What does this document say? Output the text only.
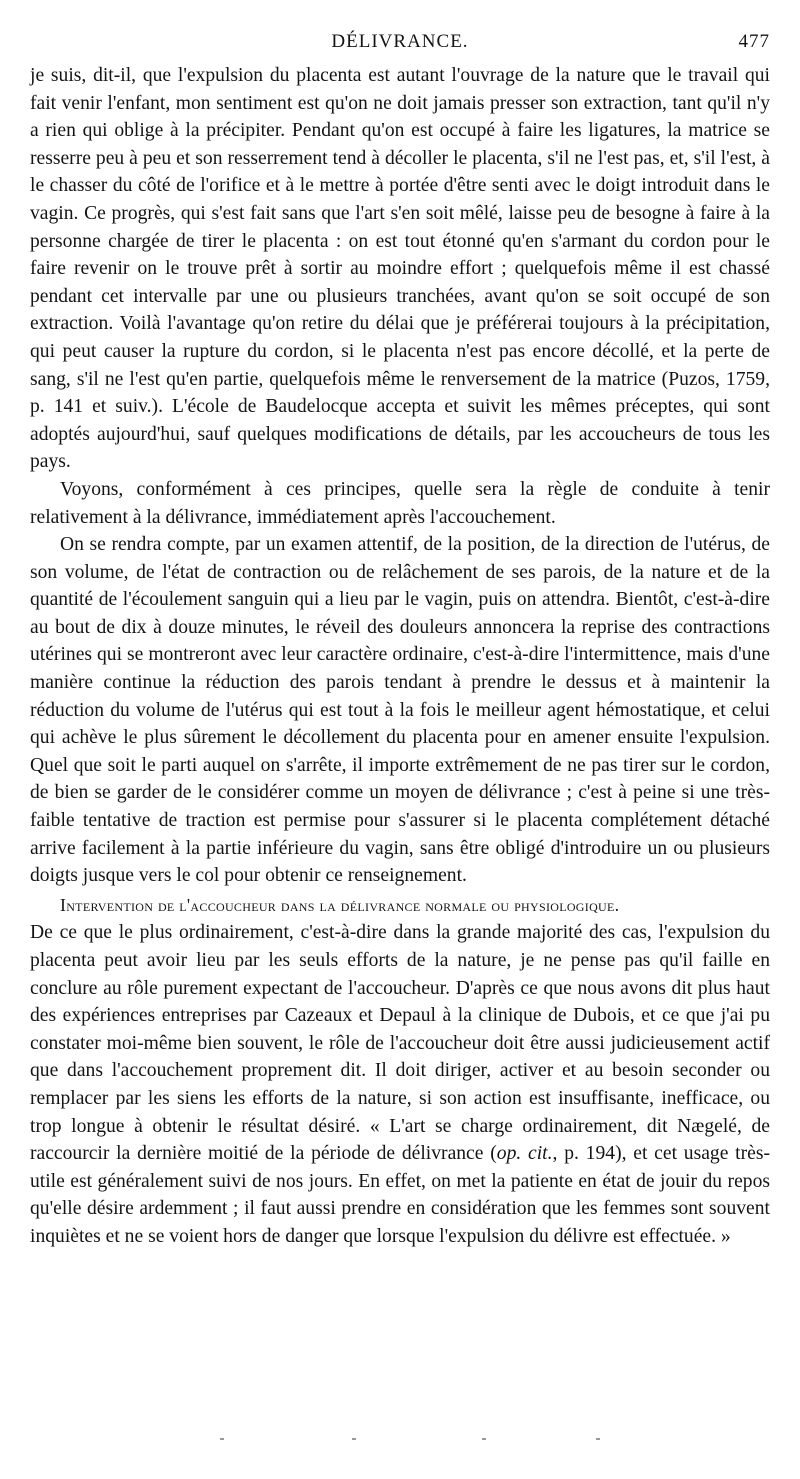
DÉLIVRANCE.	477

je suis, dit-il, que l'expulsion du placenta est autant l'ouvrage de la nature que le travail qui fait venir l'enfant, mon sentiment est qu'on ne doit jamais presser son extraction, tant qu'il n'y a rien qui oblige à la précipiter. Pendant qu'on est occupé à faire les ligatures, la matrice se resserre peu à peu et son resserrement tend à décoller le placenta, s'il ne l'est pas, et, s'il l'est, à le chasser du côté de l'orifice et à le mettre à portée d'être senti avec le doigt introduit dans le vagin. Ce progrès, qui s'est fait sans que l'art s'en soit mêlé, laisse peu de besogne à faire à la personne chargée de tirer le placenta : on est tout étonné qu'en s'armant du cordon pour le faire revenir on le trouve prêt à sortir au moindre effort ; quelquefois même il est chassé pendant cet intervalle par une ou plusieurs tranchées, avant qu'on se soit occupé de son extraction. Voilà l'avantage qu'on retire du délai que je préférerai toujours à la précipitation, qui peut causer la rupture du cordon, si le placenta n'est pas encore décollé, et la perte de sang, s'il ne l'est qu'en partie, quelquefois même le renversement de la matrice (Puzos, 1759, p. 141 et suiv.). L'école de Baudelocque accepta et suivit les mêmes préceptes, qui sont adoptés aujourd'hui, sauf quelques modifications de détails, par les accoucheurs de tous les pays.

Voyons, conformément à ces principes, quelle sera la règle de conduite à tenir relativement à la délivrance, immédiatement après l'accouchement.

On se rendra compte, par un examen attentif, de la position, de la direction de l'utérus, de son volume, de l'état de contraction ou de relâchement de ses parois, de la nature et de la quantité de l'écoulement sanguin qui a lieu par le vagin, puis on attendra. Bientôt, c'est-à-dire au bout de dix à douze minutes, le réveil des douleurs annoncera la reprise des contractions utérines qui se montreront avec leur caractère ordinaire, c'est-à-dire l'intermittence, mais d'une manière continue la réduction des parois tendant à prendre le dessus et à maintenir la réduction du volume de l'utérus qui est tout à la fois le meilleur agent hémostatique, et celui qui achève le plus sûrement le décollement du placenta pour en amener ensuite l'expulsion. Quel que soit le parti auquel on s'arrête, il importe extrêmement de ne pas tirer sur le cordon, de bien se garder de le considérer comme un moyen de délivrance ; c'est à peine si une très-faible tentative de traction est permise pour s'assurer si le placenta complétement détaché arrive facilement à la partie inférieure du vagin, sans être obligé d'introduire un ou plusieurs doigts jusque vers le col pour obtenir ce renseignement.

Intervention de l'accoucheur dans la délivrance normale ou physiologique.

De ce que le plus ordinairement, c'est-à-dire dans la grande majorité des cas, l'expulsion du placenta peut avoir lieu par les seuls efforts de la nature, je ne pense pas qu'il faille en conclure au rôle purement expectant de l'accoucheur. D'après ce que nous avons dit plus haut des expériences entreprises par Cazeaux et Depaul à la clinique de Dubois, et ce que j'ai pu constater moi-même bien souvent, le rôle de l'accoucheur doit être aussi judicieusement actif que dans l'accouchement proprement dit. Il doit diriger, activer et au besoin seconder ou remplacer par les siens les efforts de la nature, si son action est insuffisante, inefficace, ou trop longue à obtenir le résultat désiré. « L'art se charge ordinairement, dit Nægelé, de raccourcir la dernière moitié de la période de délivrance (op. cit., p. 194), et cet usage très-utile est généralement suivi de nos jours. En effet, on met la patiente en état de jouir du repos qu'elle désire ardemment ; il faut aussi prendre en considération que les femmes sont souvent inquiètes et ne se voient hors de danger que lorsque l'expulsion du délivre est effectuée. »
